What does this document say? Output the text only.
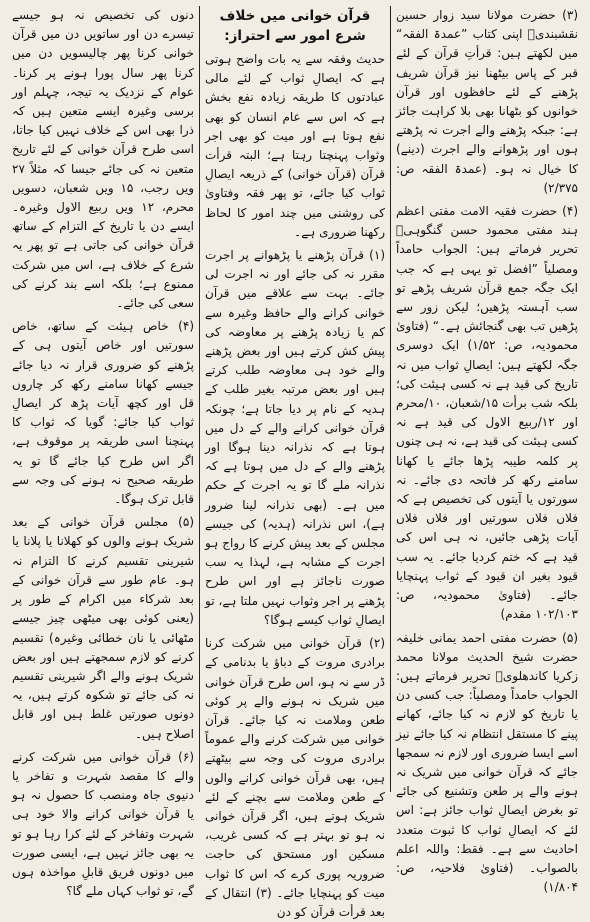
(۳) حضرت مولانا سید زوار حسین نقشبندیؒ اپنی کتاب ”عمدۃ الفقہ“ میں لکھتے ہیں: قرأتِ قرآن کے لئے قبر کے پاس بیٹھنا نیز قرآن شریف پڑھنے کے لئے حافظوں اور قرآن خوانوں کو بٹھانا بھی بلا کراہت جائز ہے: جبکہ پڑھنے والے اجرت نہ پڑھتے ہوں اور پڑھوانے والے اجرت (دینے) کا خیال نہ ہو۔ (عمدۃ الفقہ ص: ۲/۳۷۵)

(۴) حضرت فقیہ الامت مفتی اعظم ہند مفتی محمود حسن گنگوہیؒ تحریر فرماتے ہیں: الجواب حامداً ومصلیاً ”افضل تو یہی ہے کہ جب ایک جگہ جمع قرآن شریف پڑھے تو سب آہستہ پڑھیں؛ لیکن زور سے پڑھیں تب بھی گنجائش ہے۔“ (فتاویٰ محمودیہ، ص: ۱/۵۲) ایک دوسری جگہ لکھتے ہیں: ایصالِ ثواب میں نہ تاریخ کی قید ہے نہ کسی ہیئت کی؛ بلکہ شب برأت ۱۵/شعبان، ۱۰/محرم اور ۱۲/ربیع الاول کی قید ہے نہ کسی ہیئت کی قید ہے، نہ ہی چنوں پر کلمہ طیبہ پڑھا جائے یا کھانا سامنے رکھ کر فاتحہ دی جائے۔ نہ سورتوں یا آیتوں کی تخصیص ہے کہ فلاں فلاں سورتیں اور فلاں فلاں آیات پڑھی جائیں، نہ ہی اس کی قید ہے کہ ختم کردیا جائے۔ یہ سب قیود بغیر ان قیود کے ثواب پہنچایا جائے۔ (فتاویٰ محمودیہ، ص: ۱۰۲/۱۰۳ مقدم)

(۵) حضرت مفتی احمد یمانی خلیفہ حضرت شیخ الحدیث مولانا محمد زکریا کاندھلویؒ تحریر فرماتے ہیں: الجواب حامداً ومصلیاً: جب کسی دن یا تاریخ کو لازم نہ کیا جائے، کھانے پینے کا مستقل انتظام نہ کیا جائے نیز اسے ایسا ضروری اور لازم نہ سمجھا جائے کہ قرآن خوانی میں شریک نہ ہونے والے پر طعن وتشنیع کی جائے تو بغرض ایصالِ ثواب جائز ہے: اس لئے کہ ایصالِ ثواب کا ثبوت متعدد احادیث سے ہے۔ فقط: واللہ اعلم بالصواب۔ (فتاویٰ فلاحیہ، ص: ۱/۸۰۴)

قرآن خوانی میں خلاف شرع امور سے احتراز:

حدیث وفقہ سے یہ بات واضح ہوتی ہے کہ ایصالِ ثواب کے لئے مالی عبادتوں کا طریقہ زیادہ نفع بخش ہے کہ اس سے عام انسان کو بھی نفع ہوتا ہے اور میت کو بھی اجر وثواب پہنچتا رہتا ہے؛ البتہ قرأت قرآن (قرآن خوانی) کے ذریعہ ایصالِ ثواب کیا جائے، تو پھر فقہ وفتاویٰ کی روشنی میں چند امور کا لحاظ رکھنا ضروری ہے۔

(۱) قرآن پڑھنے یا پڑھوانے پر اجرت مقرر نہ کی جائے اور نہ اجرت لی جائے۔ بہت سے علاقے میں قرآن خوانی کرانے والے حافظ وغیرہ سے کم یا زیادہ پڑھنے پر معاوضہ کی پیش کش کرتے ہیں اور بعض پڑھنے والے خود ہی معاوضہ طلب کرتے ہیں اور بعض مرتبہ بغیر طلب کے ہدیہ کے نام پر دیا جاتا ہے؛ چونکہ قرآن خوانی کرانے والے کے دل میں ہوتا ہے کہ نذرانہ دینا ہوگا اور پڑھنے والے کے دل میں ہوتا ہے کہ نذرانہ ملے گا تو یہ اجرت کے حکم میں ہے۔ (بھی نذرانہ لینا ضرور ہے)، اس نذرانہ (ہدیہ) کی جیسے مجلس کے بعد پیش کرنے کا رواج ہو اجرت کے مشابہ ہے، لہذا یہ سب صورت ناجائز ہے اور اس طرح پڑھنے پر اجر وثواب نہیں ملتا ہے، تو ایصالِ ثواب کیسے ہوگا؟

(۲) قرآن خوانی میں شرکت کرنا برادری مروت کے دباؤ یا بدنامی کے ڈر سے نہ ہو، اس طرح قرآن خوانی میں شریک نہ ہونے والے پر کوئی طعن وملامت نہ کیا جائے۔ قرآن خوانی میں شرکت کرنے والے عموماً برادری مروت کی وجہ سے بیٹھتے ہیں، بھی قرآن خوانی کرانے والوں کے طعن وملامت سے بچنے کے لئے شریک ہوتے ہیں، اگر قرآن خوانی نہ ہو تو بہتر ہے کہ کسی غریب، مسکین اور مستحق کی حاجت ضروریہ پوری کرے کہ اس کا ثواب میت کو پہنچایا جائے۔ (۳) انتقال کے بعد قرأت قرآن کو دن

دنوں کی تخصیص نہ ہو جیسے تیسرے دن اور ساتویں دن میں قرآن خوانی کرنا پھر چالیسویں دن میں کرنا پھر سال پورا ہونے پر کرنا۔ عوام کے نزدیک یہ تیجہ، چہلم اور برسی وغیرہ ایسے متعین ہیں کہ ذرا بھی اس کے خلاف نہیں کیا جاتا، اسی طرح قرآن خوانی کے لئے تاریخ متعین نہ کی جائے جیسا کہ مثلاً ۲۷ ویں رجب، ۱۵ ویں شعبان، دسویں محرم، ۱۲ ویں ربیع الاول وغیرہ۔ ایسے دن یا تاریخ کے التزام کے ساتھ قرآن خوانی کی جاتی ہے تو پھر یہ شرع کے خلاف ہے، اس میں شرکت ممنوع ہے؛ بلکہ اسے بند کرنے کی سعی کی جائے۔

(۴) خاص ہیئت کے ساتھ، خاص سورتیں اور خاص آیتوں ہی کے پڑھنے کو ضروری قرار نہ دیا جائے جیسے کھانا سامنے رکھ کر چاروں قل اور کچھ آیات پڑھ کر ایصالِ ثواب کیا جائے: گویا کہ ثواب کا پہنچنا اسی طریقہ پر موقوف ہے، اگر اس طرح کیا جائے گا تو یہ طریقہ صحیح نہ ہونے کی وجہ سے قابل ترک ہوگا۔

(۵) مجلس قرآن خوانی کے بعد شریک ہونے والوں کو کھلانا یا پلانا یا شیرینی تقسیم کرنے کا التزام نہ ہو۔ عام طور سے قرآن خوانی کے بعد شرکاء میں اکرام کے طور پر (یعنی کوئی بھی میٹھی چیز جیسے مٹھائی یا نان خطائی وغیرہ) تقسیم کرنے کو لازم سمجھتے ہیں اور بعض شریک ہونے والے اگر شیرینی تقسیم نہ کی جائے تو شکوہ کرتے ہیں، یہ دونوں صورتیں غلط ہیں اور قابل اصلاح ہیں۔

(۶) قرآن خوانی میں شرکت کرنے والے کا مقصد شہرت و تفاخر یا دنیوی جاہ ومنصب کا حصول نہ ہو یا قرآن خوانی کرانے والا خود ہی شہرت وتفاخر کے لئے کرا رہا ہو تو یہ بھی جائز نہیں ہے، ایسی صورت میں دونوں فریق قابلِ مواخذہ ہوں گے، تو ثواب کہاں ملے گا؟
